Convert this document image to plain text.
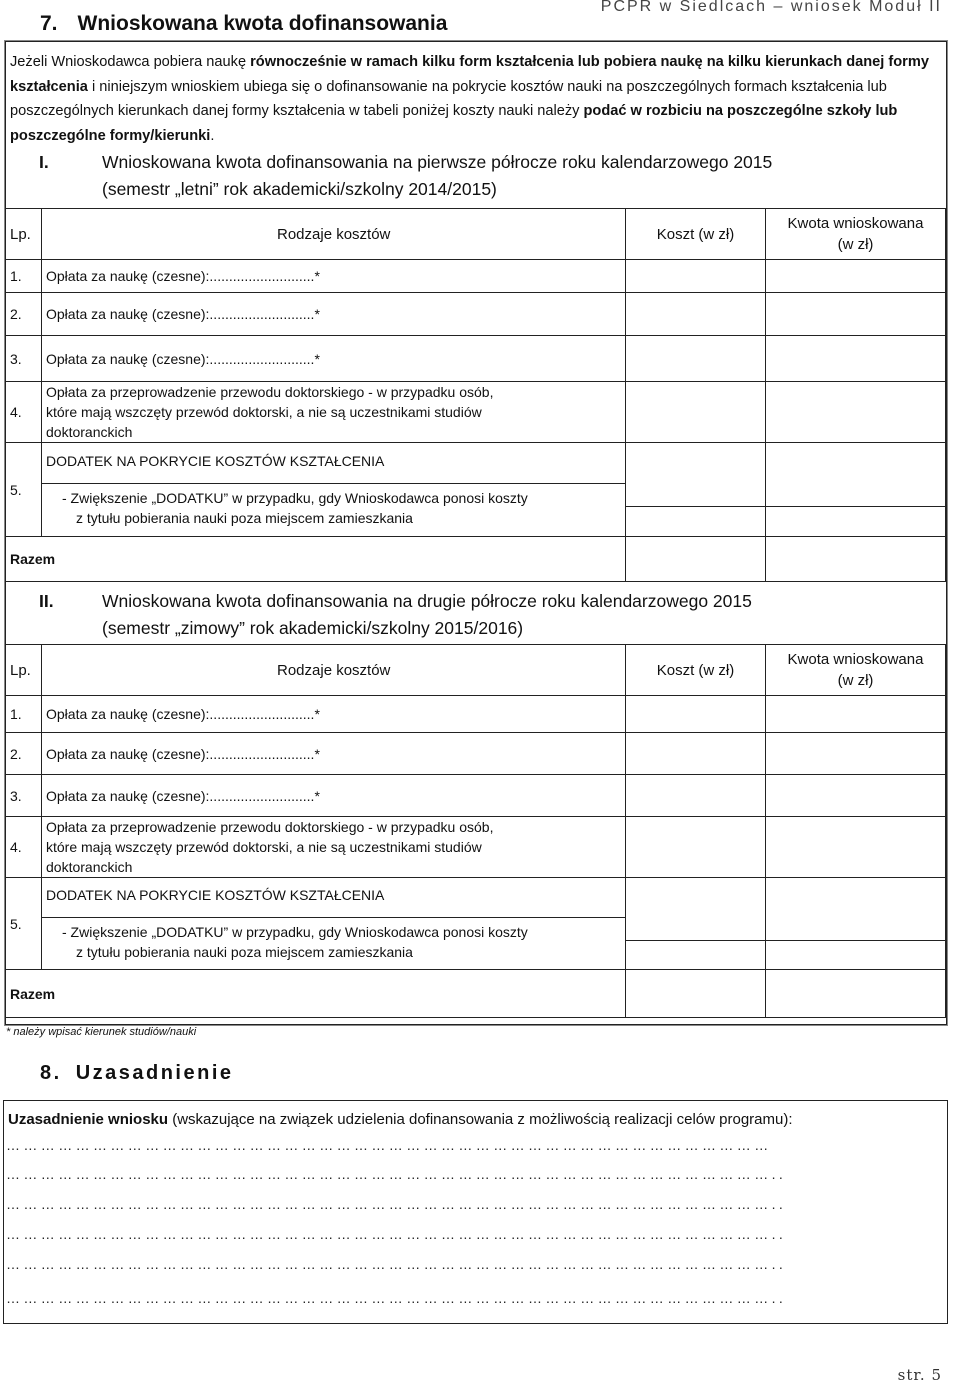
PCPR w Siedlcach – wniosek Moduł II
7. Wnioskowana kwota dofinansowania
Jeżeli Wnioskodawca pobiera naukę równocześnie w ramach kilku form kształcenia lub pobiera naukę na kilku kierunkach danej formy kształcenia i niniejszym wnioskiem ubiega się o dofinansowanie na pokrycie kosztów nauki na poszczególnych formach kształcenia lub poszczególnych kierunkach danej formy kształcenia w tabeli poniżej koszty nauki należy podać w rozbiciu na poszczególne szkoły lub poszczególne formy/kierunki.
I.	Wnioskowana kwota dofinansowania na pierwsze półrocze roku kalendarzowego 2015
(semestr „letni” rok akademicki/szkolny 2014/2015)
Lp.	Rodzaje kosztów	Koszt (w zł)	Kwota wnioskowana
(w zł)
1.	Opłata za naukę (czesne):...........................*		
2.	Opłata za naukę (czesne):...........................*		
3.	Opłata za naukę (czesne):...........................*		
4.	Opłata za przeprowadzenie przewodu doktorskiego - w przypadku osób, które mają wszczęty przewód doktorski, a nie są uczestnikami studiów doktoranckich		
5.	DODATEK NA POKRYCIE KOSZTÓW KSZTAŁCENIA
- Zwiększenie „DODATKU” w przypadku, gdy Wnioskodawca ponosi koszty
z tytułu pobierania nauki poza miejscem zamieszkania		

Razem			
II.	Wnioskowana kwota dofinansowania na drugie półrocze roku kalendarzowego 2015
(semestr „zimowy” rok akademicki/szkolny 2015/2016)
Lp.	Rodzaje kosztów	Koszt (w zł)	Kwota wnioskowana
(w zł)
1.	Opłata za naukę (czesne):...........................*		
2.	Opłata za naukę (czesne):...........................*		
3.	Opłata za naukę (czesne):...........................*		
4.	Opłata za przeprowadzenie przewodu doktorskiego - w przypadku osób, które mają wszczęty przewód doktorski, a nie są uczestnikami studiów doktoranckich		
5.	DODATEK NA POKRYCIE KOSZTÓW KSZTAŁCENIA
- Zwiększenie „DODATKU” w przypadku, gdy Wnioskodawca ponosi koszty
z tytułu pobierania nauki poza miejscem zamieszkania		

Razem			
* należy wpisać kierunek studiów/nauki
8. Uzasadnienie
Uzasadnienie wniosku (wskazujące na związek udzielenia dofinansowania z możliwością realizacji celów programu):
……………………………………………………………………………………………………………………
……………………………………………………………………………………………………………………..
……………………………………………………………………………………………………………………..
……………………………………………………………………………………………………………………..
……………………………………………………………………………………………………………………..
……………………………………………………………………………………………………………………..
str. 5
